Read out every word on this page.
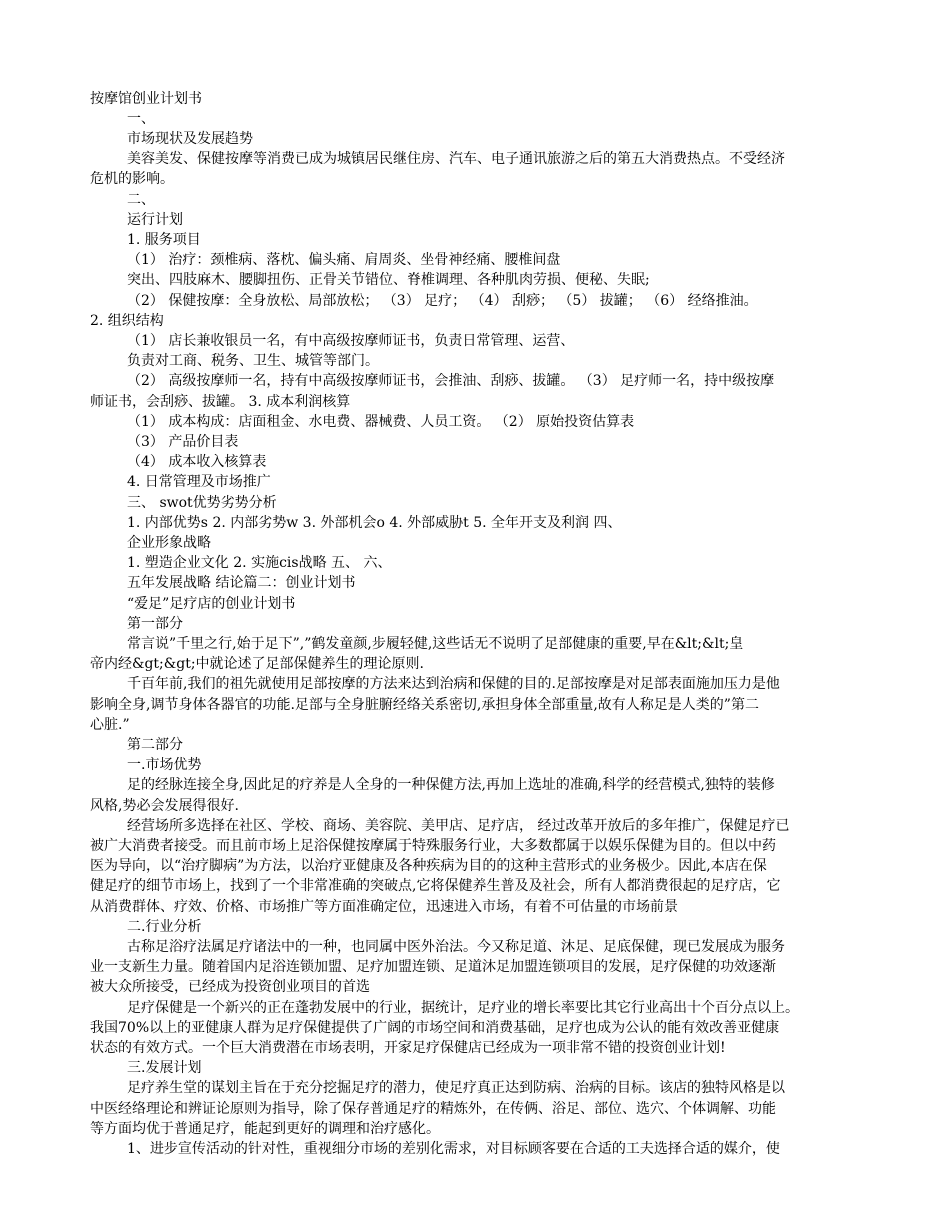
按摩馆创业计划书
一、
市场现状及发展趋势
美容美发、保健按摩等消费已成为城镇居民继住房、汽车、电子通讯旅游之后的第五大消费热点。不受经济
危机的影响。
二、
运行计划
1. 服务项目
（1） 治疗：颈椎病、落枕、偏头痛、肩周炎、坐骨神经痛、腰椎间盘
突出、四肢麻木、腰脚扭伤、正骨关节错位、脊椎调理、各种肌肉劳损、便秘、失眠;
（2） 保健按摩：全身放松、局部放松； （3） 足疗； （4） 刮痧； （5） 拔罐； （6） 经络推油。
2. 组织结构
（1） 店长兼收银员一名，有中高级按摩师证书，负责日常管理、运营、
负责对工商、税务、卫生、城管等部门。
（2） 高级按摩师一名，持有中高级按摩师证书，会推油、刮痧、拔罐。 （3） 足疗师一名，持中级按摩
师证书，会刮痧、拔罐。 3. 成本利润核算
（1） 成本构成：店面租金、水电费、器械费、人员工资。 （2） 原始投资估算表
（3） 产品价目表
（4） 成本收入核算表
4. 日常管理及市场推广
三、 swot优势劣势分析
1. 内部优势s 2. 内部劣势w 3. 外部机会o 4. 外部威胁t 5. 全年开支及利润 四、
企业形象战略
1. 塑造企业文化 2. 实施cis战略 五、 六、
五年发展战略 结论篇二：创业计划书
“爱足”足疗店的创业计划书
第一部分
常言说”千里之行,始于足下”,”鹤发童颜,步履轻健,这些话无不说明了足部健康的重要,早在&lt;&lt;皇
帝内经&gt;&gt;中就论述了足部保健养生的理论原则.
千百年前,我们的祖先就使用足部按摩的方法来达到治病和保健的目的.足部按摩是对足部表面施加压力是他
影响全身,调节身体各器官的功能.足部与全身脏腑经络关系密切,承担身体全部重量,故有人称足是人类的”第二
心脏.”
第二部分
一.市场优势
足的经脉连接全身,因此足的疗养是人全身的一种保健方法,再加上选址的准确,科学的经营模式,独特的装修
风格,势必会发展得很好.
经营场所多选择在社区、学校、商场、美容院、美甲店、足疗店， 经过改革开放后的多年推广，保健足疗已
被广大消费者接受。而且前市场上足浴保健按摩属于特殊服务行业，大多数都属于以娱乐保健为目的。但以中药
医为导向，以“治疗脚病”为方法，以治疗亚健康及各种疾病为目的的这种主营形式的业务极少。因此,本店在保
健足疗的细节市场上，找到了一个非常准确的突破点,它将保健养生普及及社会，所有人都消费很起的足疗店，它
从消费群体、疗效、价格、市场推广等方面准确定位，迅速进入市场，有着不可估量的市场前景
二.行业分析
古称足浴疗法属足疗诸法中的一种，也同属中医外治法。今又称足道、沐足、足底保健，现已发展成为服务
业一支新生力量。随着国内足浴连锁加盟、足疗加盟连锁、足道沐足加盟连锁项目的发展，足疗保健的功效逐渐
被大众所接受，已经成为投资创业项目的首选
足疗保健是一个新兴的正在蓬勃发展中的行业，据统计，足疗业的增长率要比其它行业高出十个百分点以上。
我国70%以上的亚健康人群为足疗保健提供了广阔的市场空间和消费基础，足疗也成为公认的能有效改善亚健康
状态的有效方式。一个巨大消费潜在市场表明，开家足疗保健店已经成为一项非常不错的投资创业计划!
三.发展计划
足疗养生堂的谋划主旨在于充分挖掘足疗的潜力，使足疗真正达到防病、治病的目标。该店的独特风格是以
中医经络理论和辨证论原则为指导，除了保存普通足疗的精炼外，在传俩、浴足、部位、选穴、个体调解、功能
等方面均优于普通足疗，能起到更好的调理和治疗感化。
1、进步宣传活动的针对性，重视细分市场的差别化需求，对目标顾客要在合适的工夫选择合适的媒介，使
